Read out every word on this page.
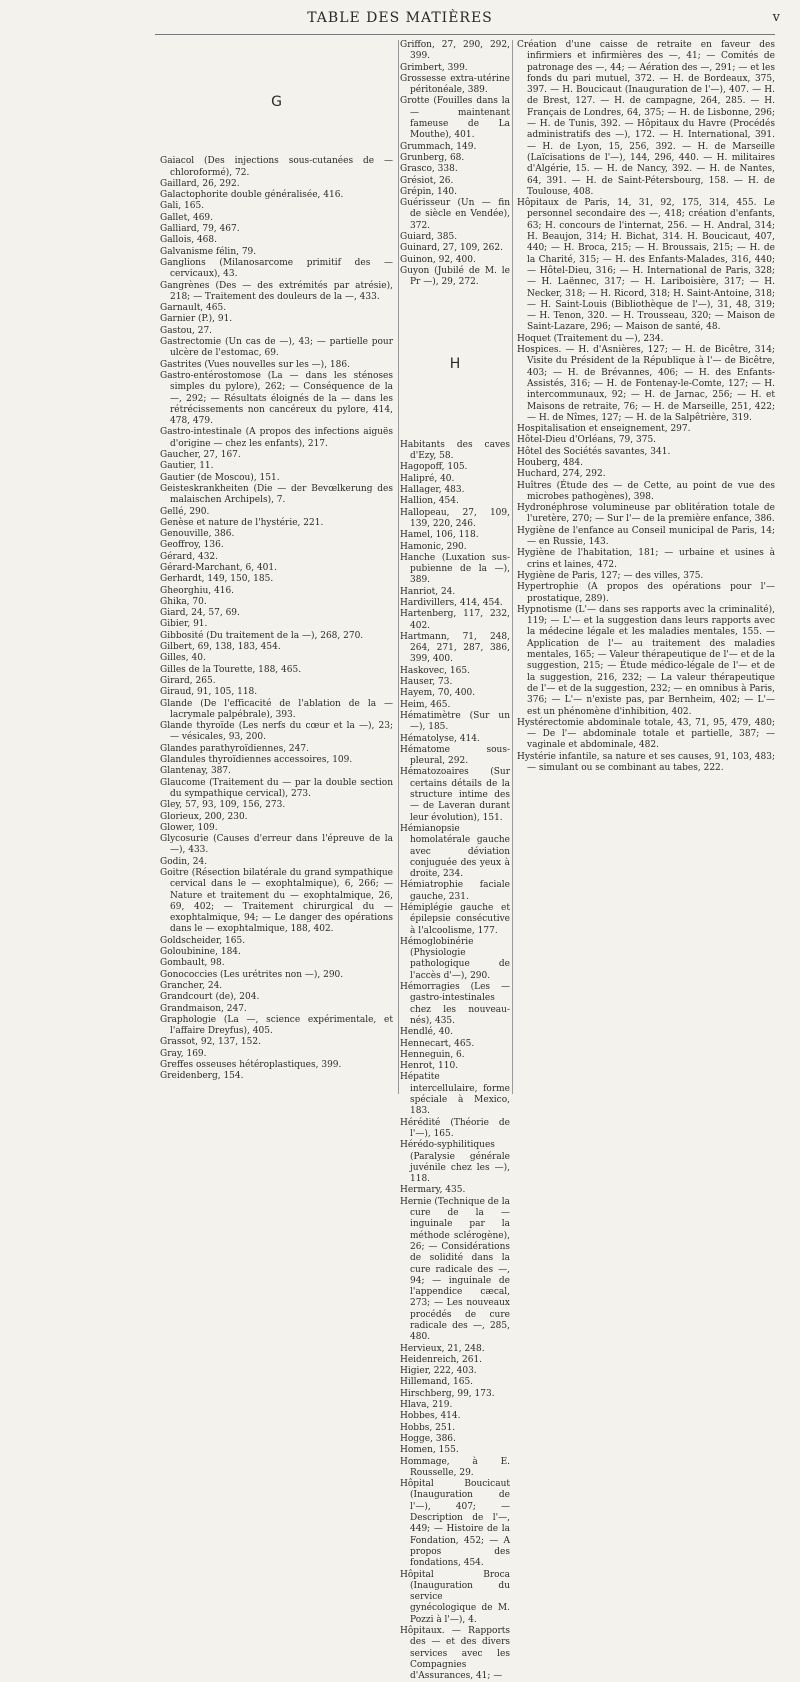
TABLE DES MATIÈRES	v
G

Gaiacol (Des injections sous-cutanées de — chloroformé), 72.

Gaillard, 26, 292.

Galactophorite double généralisée, 416.

Gali, 165.

Gallet, 469.

Galliard, 79, 467.

Gallois, 468.

Galvanisme félin, 79.

Ganglions (Milanosarcome primitif des — cervicaux), 43.

Gangrènes (Des — des extrémités par atrésie), 218; — Traitement des douleurs de la —, 433.

Garnault, 465.

Garnier (P.), 91.

Gastou, 27.

Gastrectomie (Un cas de —), 43; — partielle pour ulcère de l'estomac, 69.

Gastrites (Vues nouvelles sur les —), 186.

Gastro-entérostomose (La — dans les sténoses simples du pylore), 262; — Conséquence de la —, 292; — Résultats éloignés de la — dans les rétrécissements non cancéreux du pylore, 414, 478, 479.

Gastro-intestinale (A propos des infections aiguës d'origine — chez les enfants), 217.

Gaucher, 27, 167.

Gautier, 11.

Gautier (de Moscou), 151.

Geisteskrankheiten (Die — der Bevœlkerung des malaischen Archipels), 7.

Gellé, 290.

Genèse et nature de l'hystérie, 221.

Genouville, 386.

Geoffroy, 136.

Gérard, 432.

Gérard-Marchant, 6, 401.

Gerhardt, 149, 150, 185.

Gheorghiu, 416.

Ghika, 70.

Giard, 24, 57, 69.

Gibier, 91.

Gibbosité (Du traitement de la —), 268, 270.

Gilbert, 69, 138, 183, 454.

Gilles, 40.

Gilles de la Tourette, 188, 465.

Girard, 265.

Giraud, 91, 105, 118.

Glande (De l'efficacité de l'ablation de la — lacrymale palpébrale), 393.

Glande thyroïde (Les nerfs du cœur et la —), 23; — vésicales, 93, 200.

Glandes parathyroïdiennes, 247.

Glandules thyroïdiennes accessoires, 109.

Glantenay, 387.

Glaucome (Traitement du — par la double section du sympathique cervical), 273.

Gley, 57, 93, 109, 156, 273.

Glorieux, 200, 230.

Glower, 109.

Glycosurie (Causes d'erreur dans l'épreuve de la —), 433.

Godin, 24.

Goitre (Résection bilatérale du grand sympathique cervical dans le — exophtalmique), 6, 266; — Nature et traitement du — exophtalmique, 26, 69, 402; — Traitement chirurgical du — exophtalmique, 94; — Le danger des opérations dans le — exophtalmique, 188, 402.

Goldscheider, 165.

Goloubinine, 184.

Gombault, 98.

Gonococcies (Les urétrites non —), 290.

Grancher, 24.

Grandcourt (de), 204.

Grandmaison, 247.

Graphologie (La —, science expérimentale, et l'affaire Dreyfus), 405.

Grassot, 92, 137, 152.

Gray, 169.

Greffes osseuses hétéroplastiques, 399.

Greidenberg, 154.

Griffon, 27, 290, 292, 399.

Grimbert, 399.

Grossesse extra-utérine péritonéale, 389.

Grotte (Fouilles dans la — maintenant fameuse de La Mouthe), 401.

Grummach, 149.

Grunberg, 68.

Grasco, 338.

Grésiot, 26.

Grépin, 140.

Guérisseur (Un — fin de siècle en Vendée), 372.

Guiard, 385.

Guinard, 27, 109, 262.

Guinon, 92, 400.

Guyon (Jubilé de M. le Pr —), 29, 272.

H

Habitants des caves d'Ezy, 58.

Hagopoff, 105.

Halipré, 40.

Hallager, 483.

Hallion, 454.

Hallopeau, 27, 109, 139, 220, 246.

Hamel, 106, 118.

Hamonic, 290.

Hanche (Luxation sus-pubienne de la —), 389.

Hanriot, 24.

Hardivillers, 414, 454.

Hartenberg, 117, 232, 402.

Hartmann, 71, 248, 264, 271, 287, 386, 399, 400.

Haskovec, 165.

Hauser, 73.

Hayem, 70, 400.

Heim, 465.

Hématimètre (Sur un —), 185.

Hématolyse, 414.

Hématome sous-pleural, 292.

Hématozoaires (Sur certains détails de la structure intime des — de Laveran durant leur évolution), 151.

Hémianopsie homolatérale gauche avec déviation conjuguée des yeux à droite, 234.

Hémiatrophie faciale gauche, 231.

Hémiplégie gauche et épilepsie consécutive à l'alcoolisme, 177.

Hémoglobinérie (Physiologie pathologique de l'accès d'—), 290.

Hémorragies (Les — gastro-intestinales chez les nouveau-nés), 435.

Hendlé, 40.

Hennecart, 465.

Henneguin, 6.

Henrot, 110.

Hépatite intercellulaire, forme spéciale à Mexico, 183.

Hérédité (Théorie de l'—), 165.

Hérédo-syphilitiques (Paralysie générale juvénile chez les —), 118.

Hermary, 435.

Hernie (Technique de la cure de la — inguinale par la méthode sclérogène), 26; — Considérations de solidité dans la cure radicale des —, 94; — inguinale de l'appendice cæcal, 273; — Les nouveaux procédés de cure radicale des —, 285, 480.

Hervieux, 21, 248.

Heidenreich, 261.

Higier, 222, 403.

Hillemand, 165.

Hirschberg, 99, 173.

Hlava, 219.

Hobbes, 414.

Hobbs, 251.

Hogge, 386.

Homen, 155.

Hommage, à E. Rousselle, 29.

Hôpital Boucicaut (Inauguration de l'—), 407; — Description de l'—, 449; — Histoire de la Fondation, 452; — A propos des fondations, 454.

Hôpital Broca (Inauguration du service gynécologique de M. Pozzi à l'—), 4.

Hôpitaux. — Rapports des — et des divers services avec les Compagnies d'Assurances, 41; —

Création d'une caisse de retraite en faveur des infirmiers et infirmières des —, 41; — Comités de patronage des —, 44; — Aération des —, 291; — et les fonds du pari mutuel, 372. — H. de Bordeaux, 375, 397. — H. Boucicaut (Inauguration de l'—), 407. — H. de Brest, 127. — H. de campagne, 264, 285. — H. Français de Londres, 64, 375; — H. de Lisbonne, 296; — H. de Tunis, 392. — Hôpitaux du Havre (Procédés administratifs des —), 172. — H. International, 391. — H. de Lyon, 15, 256, 392. — H. de Marseille (Laïcisations de l'—), 144, 296, 440. — H. militaires d'Algérie, 15. — H. de Nancy, 392. — H. de Nantes, 64, 391. — H. de Saint-Pétersbourg, 158. — H. de Toulouse, 408.

Hôpitaux de Paris, 14, 31, 92, 175, 314, 455. Le personnel secondaire des —, 418; création d'enfants, 63; H. concours de l'internat, 256. — H. Andral, 314; H. Beaujon, 314; H. Bichat, 314. H. Boucicaut, 407, 440; — H. Broca, 215; — H. Broussais, 215; — H. de la Charité, 315; — H. des Enfants-Malades, 316, 440; — Hôtel-Dieu, 316; — H. International de Paris, 328; — H. Laënnec, 317; — H. Lariboisière, 317; — H. Necker, 318; — H. Ricord, 318; H. Saint-Antoine, 318; — H. Saint-Louis (Bibliothèque de l'—), 31, 48, 319; — H. Tenon, 320. — H. Trousseau, 320; — Maison de Saint-Lazare, 296; — Maison de santé, 48.

Hoquet (Traitement du —), 234.

Hospices. — H. d'Asnières, 127; — H. de Bicêtre, 314; Visite du Président de la République à l'— de Bicêtre, 403; — H. de Brévannes, 406; — H. des Enfants-Assistés, 316; — H. de Fontenay-le-Comte, 127; — H. intercommunaux, 92; — H. de Jarnac, 256; — H. et Maisons de retraite, 76; — H. de Marseille, 251, 422; — H. de Nîmes, 127; — H. de la Salpêtrière, 319.

Hospitalisation et enseignement, 297.

Hôtel-Dieu d'Orléans, 79, 375.

Hôtel des Sociétés savantes, 341.

Houberg, 484.

Huchard, 274, 292.

Huîtres (Étude des — de Cette, au point de vue des microbes pathogènes), 398.

Hydronéphrose volumineuse par oblitération totale de l'uretère, 270; — Sur l'— de la première enfance, 386.

Hygiène de l'enfance au Conseil municipal de Paris, 14; — en Russie, 143.

Hygiène de l'habitation, 181; — urbaine et usines à crins et laines, 472.

Hygiène de Paris, 127; — des villes, 375.

Hypertrophie (A propos des opérations pour l'— prostatique, 289).

Hypnotisme (L'— dans ses rapports avec la criminalité), 119; — L'— et la suggestion dans leurs rapports avec la médecine légale et les maladies mentales, 155. — Application de l'— au traitement des maladies mentales, 165; — Valeur thérapeutique de l'— et de la suggestion, 215; — Étude médico-légale de l'— et de la suggestion, 216, 232; — La valeur thérapeutique de l'— et de la suggestion, 232; — en omnibus à Paris, 376; — L'— n'existe pas, par Bernheim, 402; — L'— est un phénomène d'inhibition, 402.

Hystérectomie abdominale totale, 43, 71, 95, 479, 480; — De l'— abdominale totale et partielle, 387; — vaginale et abdominale, 482.

Hystérie infantile, sa nature et ses causes, 91, 103, 483; — simulant ou se combinant au tabes, 222.
